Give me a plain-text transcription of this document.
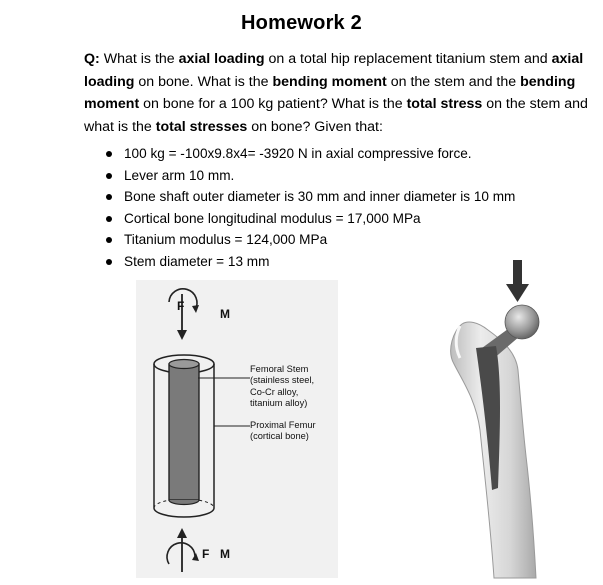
Homework 2
Q: What is the axial loading on a total hip replacement titanium stem and axial loading on bone. What is the bending moment on the stem and the bending moment on bone for a 100 kg patient? What is the total stress on the stem and what is the total stresses on bone? Given that:
100 kg = -100x9.8x4= -3920 N in axial compressive force.
Lever arm 10 mm.
Bone shaft outer diameter is 30 mm and inner diameter is 10 mm
Cortical bone longitudinal modulus = 17,000 MPa
Titanium modulus = 124,000 MPa
Stem diameter = 13 mm
F
M
F M
Femoral Stem
(stainless steel,
Co-Cr alloy,
titanium alloy)
Proximal Femur
(cortical bone)
